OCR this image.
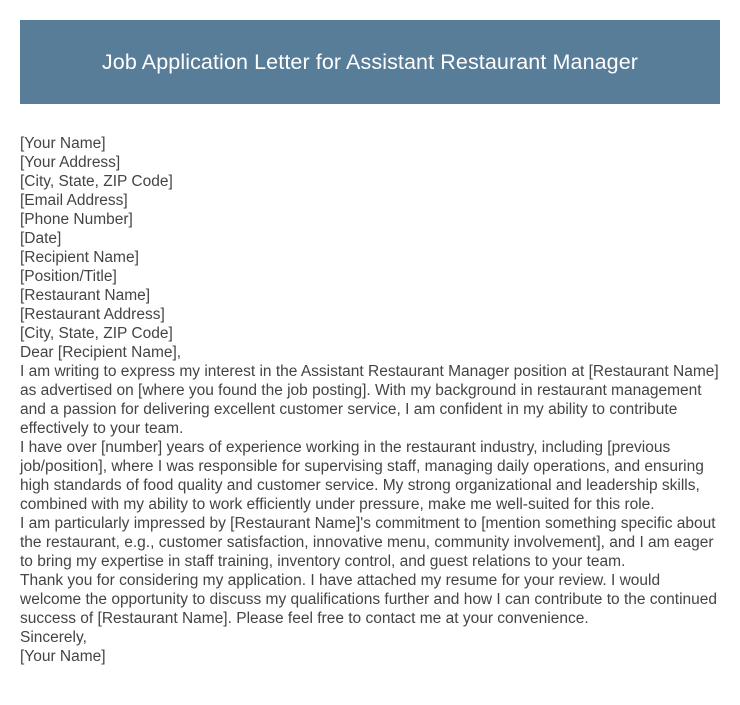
Job Application Letter for Assistant Restaurant Manager
[Your Name]
[Your Address]
[City, State, ZIP Code]
[Email Address]
[Phone Number]
[Date]
[Recipient Name]
[Position/Title]
[Restaurant Name]
[Restaurant Address]
[City, State, ZIP Code]
Dear [Recipient Name],
I am writing to express my interest in the Assistant Restaurant Manager position at [Restaurant Name] as advertised on [where you found the job posting]. With my background in restaurant management and a passion for delivering excellent customer service, I am confident in my ability to contribute effectively to your team.
I have over [number] years of experience working in the restaurant industry, including [previous job/position], where I was responsible for supervising staff, managing daily operations, and ensuring high standards of food quality and customer service. My strong organizational and leadership skills, combined with my ability to work efficiently under pressure, make me well-suited for this role.
I am particularly impressed by [Restaurant Name]'s commitment to [mention something specific about the restaurant, e.g., customer satisfaction, innovative menu, community involvement], and I am eager to bring my expertise in staff training, inventory control, and guest relations to your team.
Thank you for considering my application. I have attached my resume for your review. I would welcome the opportunity to discuss my qualifications further and how I can contribute to the continued success of [Restaurant Name]. Please feel free to contact me at your convenience.
Sincerely,
[Your Name]
